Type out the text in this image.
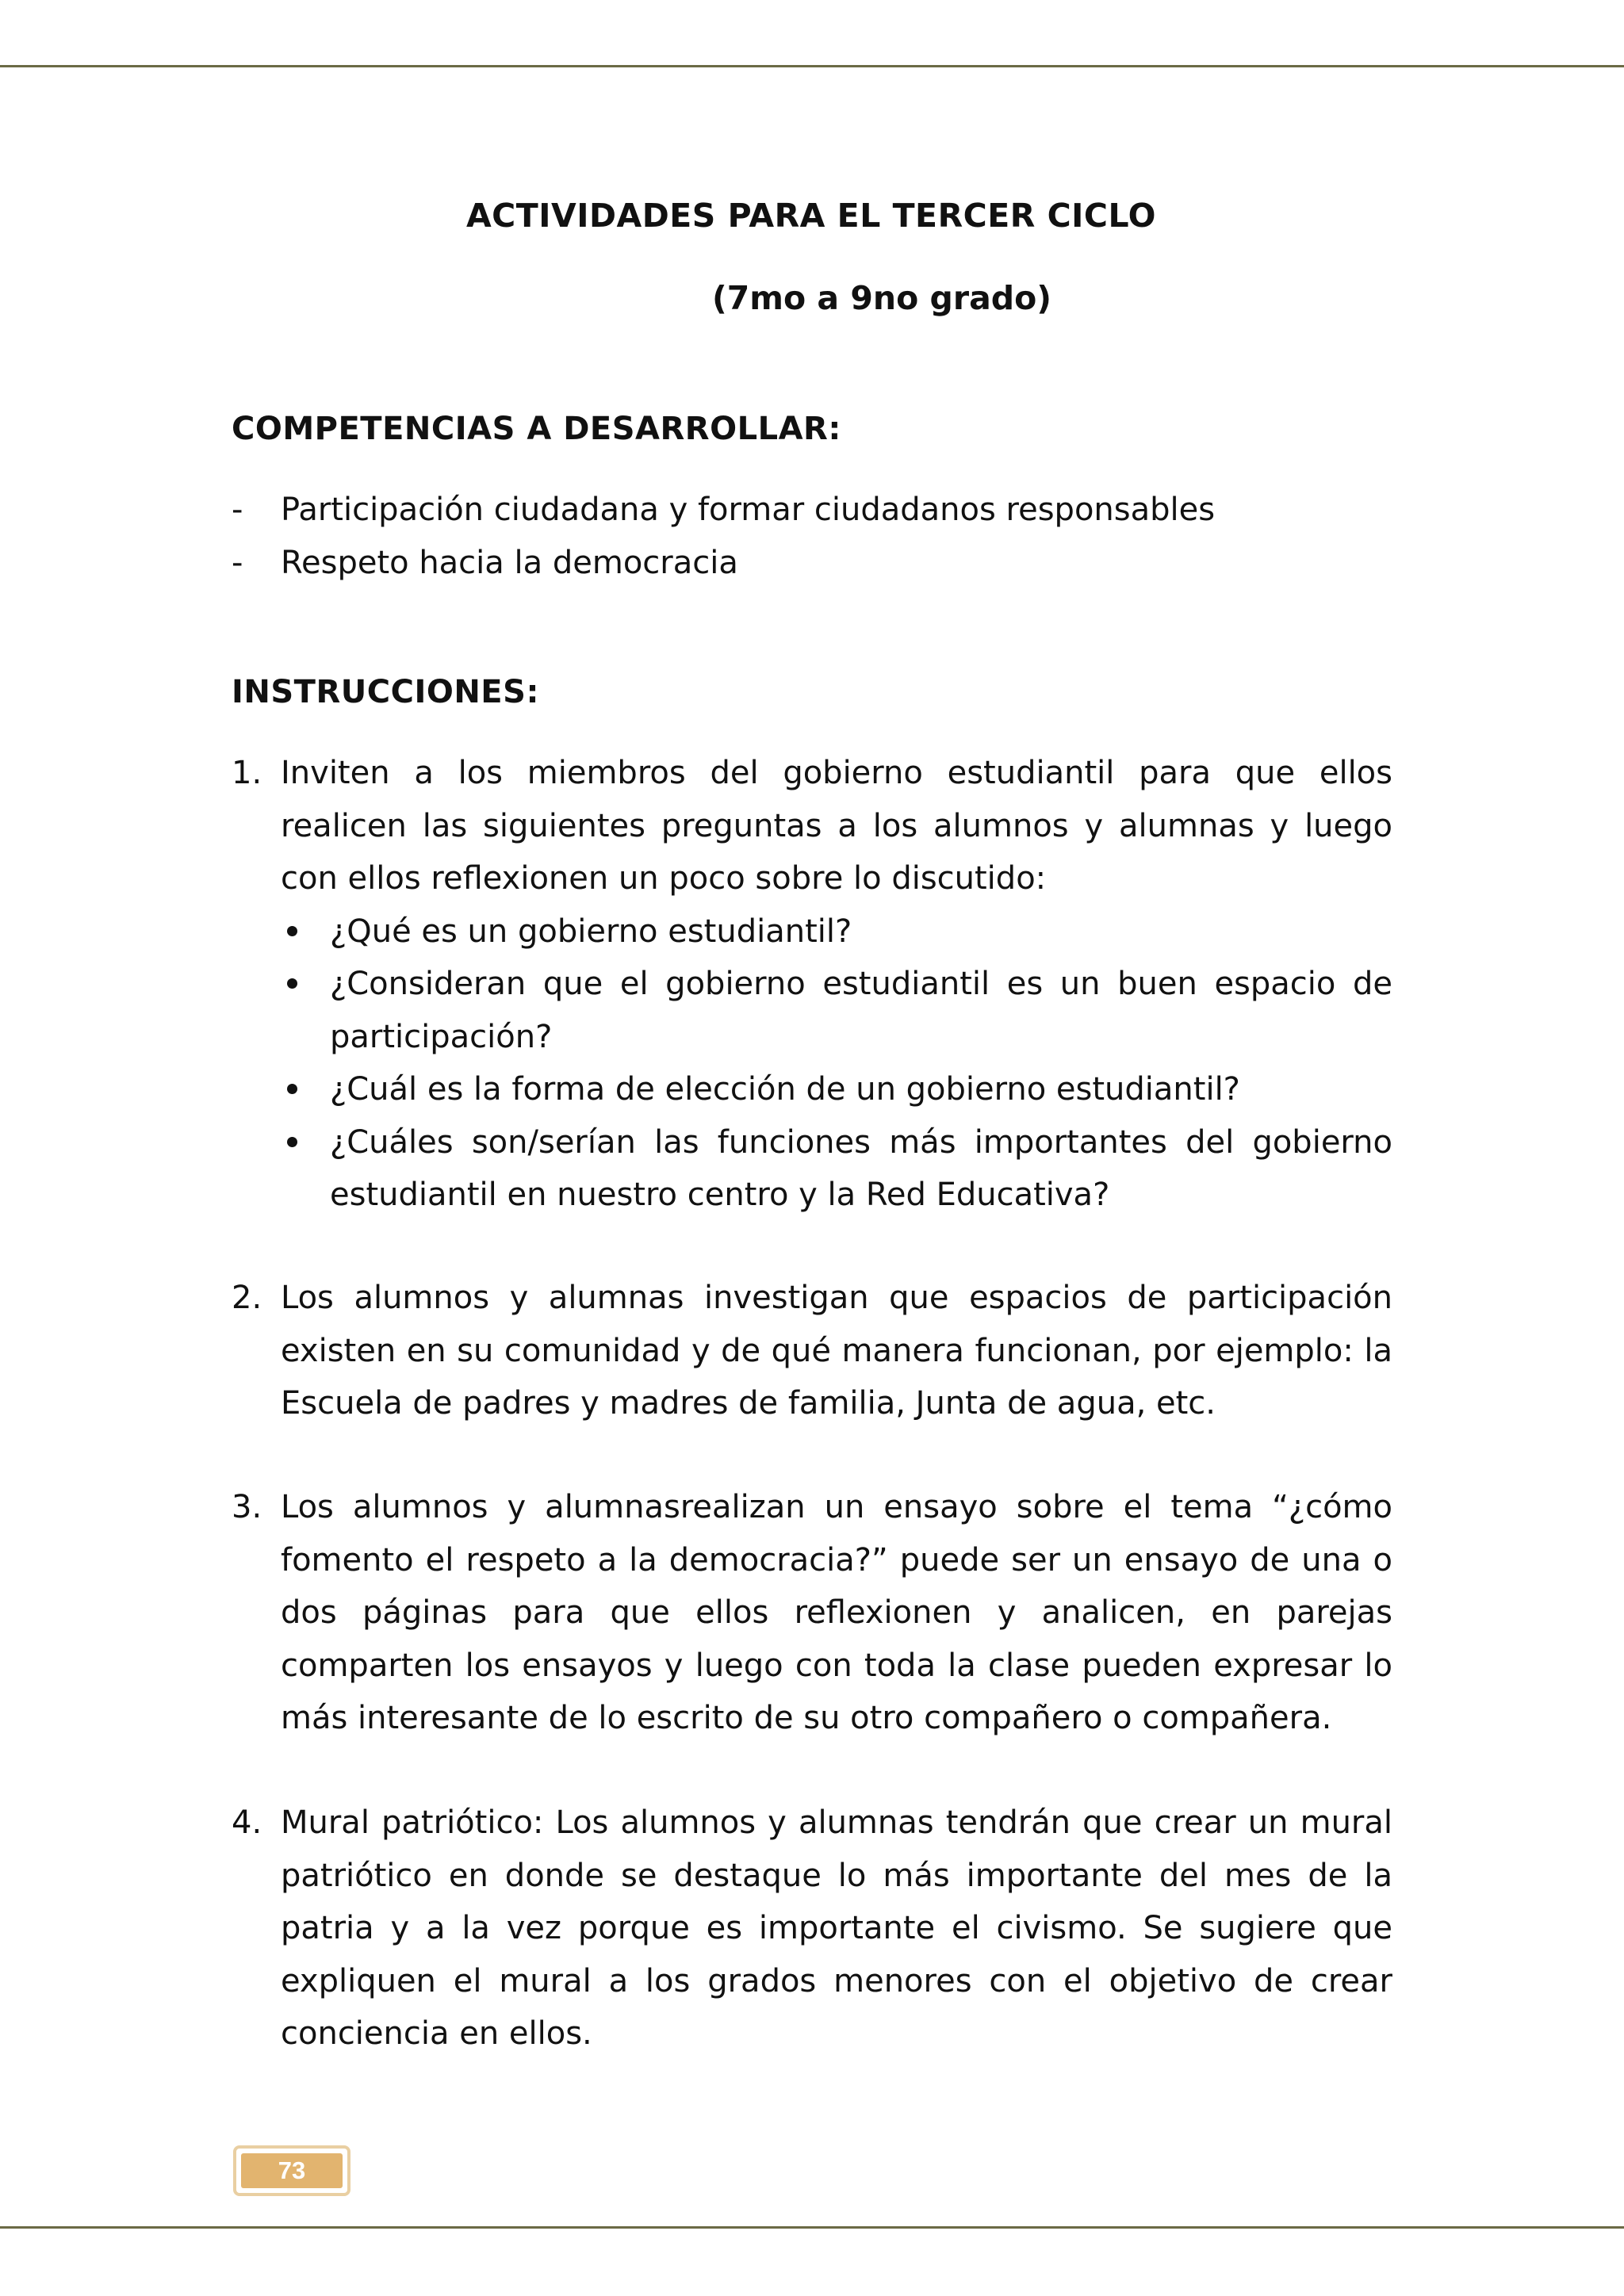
ACTIVIDADES PARA EL TERCER CICLO
(7mo a 9no grado)
COMPETENCIAS A DESARROLLAR:
- Participación ciudadana y formar ciudadanos responsables
- Respeto hacia la democracia
INSTRUCCIONES:
1. Inviten a los miembros del gobierno estudiantil para que ellos realicen las siguientes preguntas a los alumnos y alumnas y luego con ellos reflexionen un poco sobre lo discutido:
¿Qué es un gobierno estudiantil?
¿Consideran que el gobierno estudiantil es un buen espacio de participación?
¿Cuál es la forma de elección de un gobierno estudiantil?
¿Cuáles son/serían las funciones más importantes del gobierno estudiantil en nuestro centro y la Red Educativa?
2. Los alumnos y alumnas investigan que espacios de participación existen en su comunidad y de qué manera funcionan, por ejemplo: la Escuela de padres y madres de familia, Junta de agua, etc.
3. Los alumnos y alumnasrealizan un ensayo sobre el tema “¿cómo fomento el respeto a la democracia?” puede ser un ensayo de una o dos páginas para que ellos reflexionen y analicen, en parejas comparten los ensayos y luego con toda la clase pueden expresar lo más interesante de lo escrito de su otro compañero o compañera.
4. Mural patriótico: Los alumnos y alumnas tendrán que crear un mural patriótico en donde se destaque lo más importante del mes de la patria y a la vez porque es importante el civismo. Se sugiere que expliquen el mural a los grados menores con el objetivo de crear conciencia en ellos.
73
